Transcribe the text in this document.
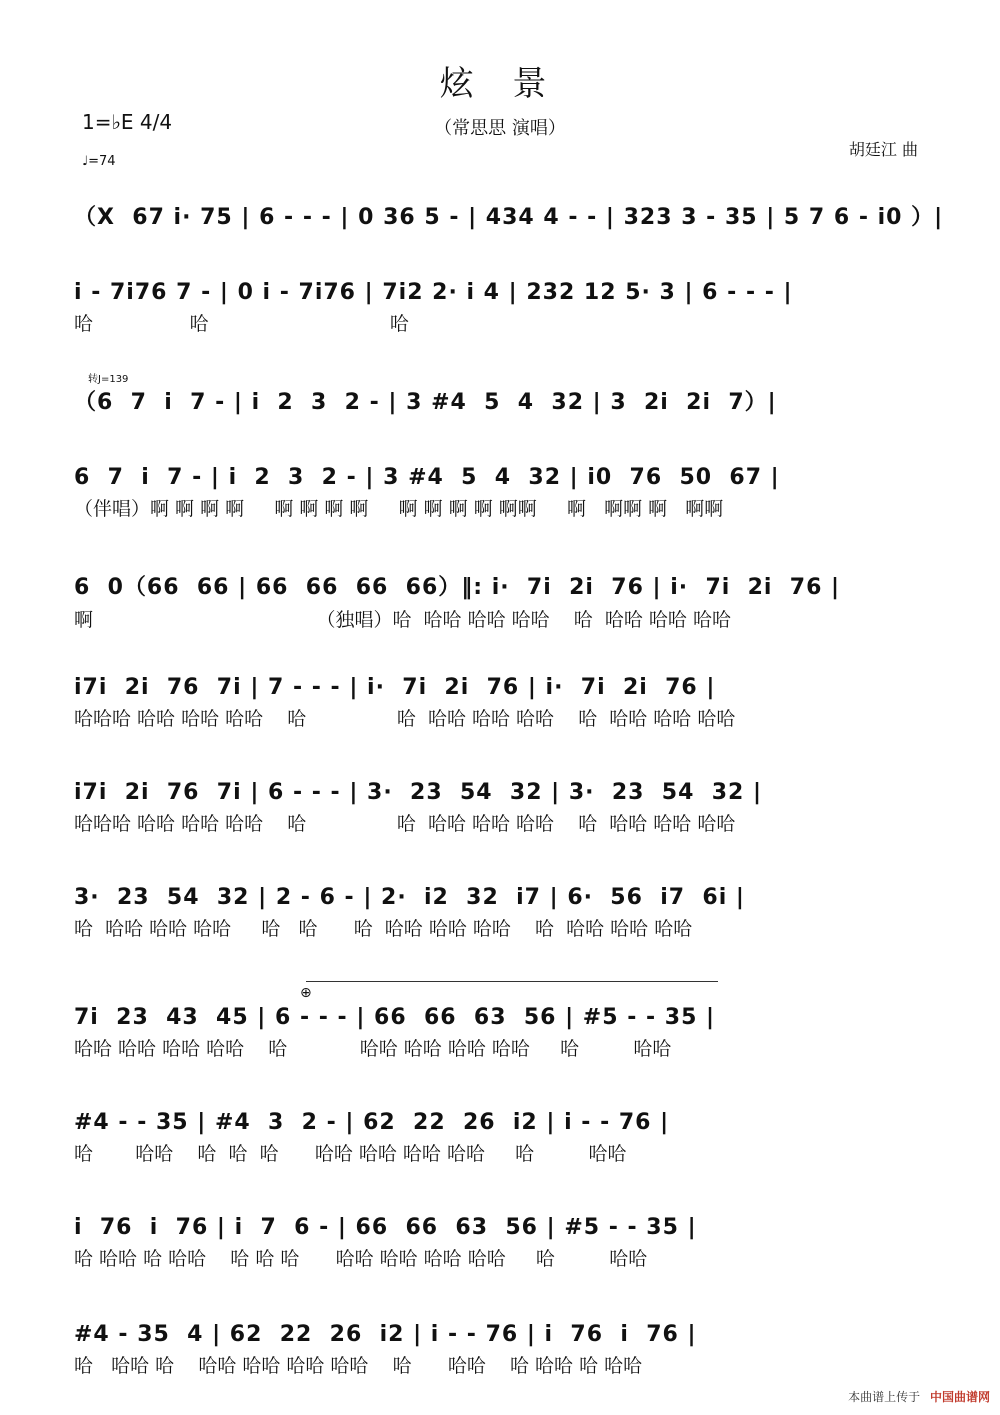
炫 景
（常思思 演唱）
胡廷江 曲
1=♭E 4/4
♩=74
转J=139
⊕
（X  67 i· 75 | 6 - - - | 0 36 5 - | 434 4 - - | 323 3 - 35 | 5 7 6 - i0 ）|
i - 7i76 7 - | 0 i - 7i76 | 7i2 2· i 4 | 232 12 5· 3 | 6 - - - |
哈                哈                              哈
（6  7  i  7 - | i  2  3  2 - | 3 #4  5  4  32 | 3  2i  2i  7）|
6  7  i  7 - | i  2  3  2 - | 3 #4  5  4  32 | i0  76  50  67 |
（伴唱）啊 啊 啊 啊     啊 啊 啊 啊     啊 啊 啊 啊 啊啊     啊   啊啊 啊   啊啊
6  0（66  66 | 66  66  66  66）‖: i·  7i  2i  76 | i·  7i  2i  76 |
啊                                     （独唱）哈  哈哈 哈哈 哈哈    哈  哈哈 哈哈 哈哈
i7i  2i  76  7i | 7 - - - | i·  7i  2i  76 | i·  7i  2i  76 |
哈哈哈 哈哈 哈哈 哈哈    哈               哈  哈哈 哈哈 哈哈    哈  哈哈 哈哈 哈哈
i7i  2i  76  7i | 6 - - - | 3·  23  54  32 | 3·  23  54  32 |
哈哈哈 哈哈 哈哈 哈哈    哈               哈  哈哈 哈哈 哈哈    哈  哈哈 哈哈 哈哈
3·  23  54  32 | 2 - 6 - | 2·  i2  32  i7 | 6·  56  i7  6i |
哈  哈哈 哈哈 哈哈     哈   哈      哈  哈哈 哈哈 哈哈    哈  哈哈 哈哈 哈哈
7i  23  43  45 | 6 - - - | 66  66  63  56 | #5 - - 35 |
哈哈 哈哈 哈哈 哈哈    哈            哈哈 哈哈 哈哈 哈哈     哈         哈哈
#4 - - 35 | #4  3  2 - | 62  22  26  i2 | i - - 76 |
哈       哈哈    哈  哈  哈      哈哈 哈哈 哈哈 哈哈     哈         哈哈
i  76  i  76 | i  7  6 - | 66  66  63  56 | #5 - - 35 |
哈 哈哈 哈 哈哈    哈 哈 哈      哈哈 哈哈 哈哈 哈哈     哈         哈哈
#4 - 35  4 | 62  22  26  i2 | i - - 76 | i  76  i  76 |
哈   哈哈 哈    哈哈 哈哈 哈哈 哈哈    哈      哈哈    哈 哈哈 哈 哈哈
本曲谱上传于 中国曲谱网
